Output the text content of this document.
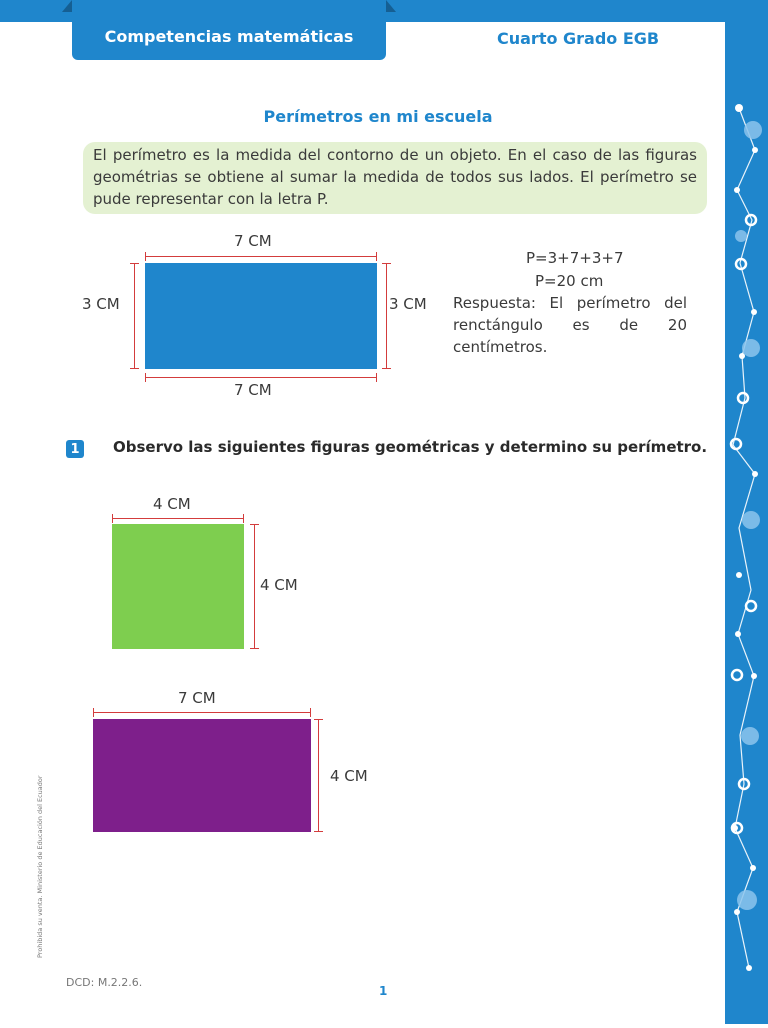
Competencias matemáticas	Cuarto Grado EGB
Perímetros en mi escuela
El perímetro es la medida del contorno de un objeto. En el caso de las figuras geométrias se obtiene al sumar la medida de todos sus lados. El perímetro se pude representar con la letra P.
7 CM
3 CM	3 CM
7 CM
P=3+7+3+7
P=20 cm
Respuesta: El perímetro del renctángulo es de 20 centímetros.
1 Observo las siguientes figuras geométricas y determino su perímetro.
4 CM
4 CM
7 CM
4 CM
Prohibida su venta. Ministerio de Educación del Ecuador
DCD: M.2.2.6.
1
